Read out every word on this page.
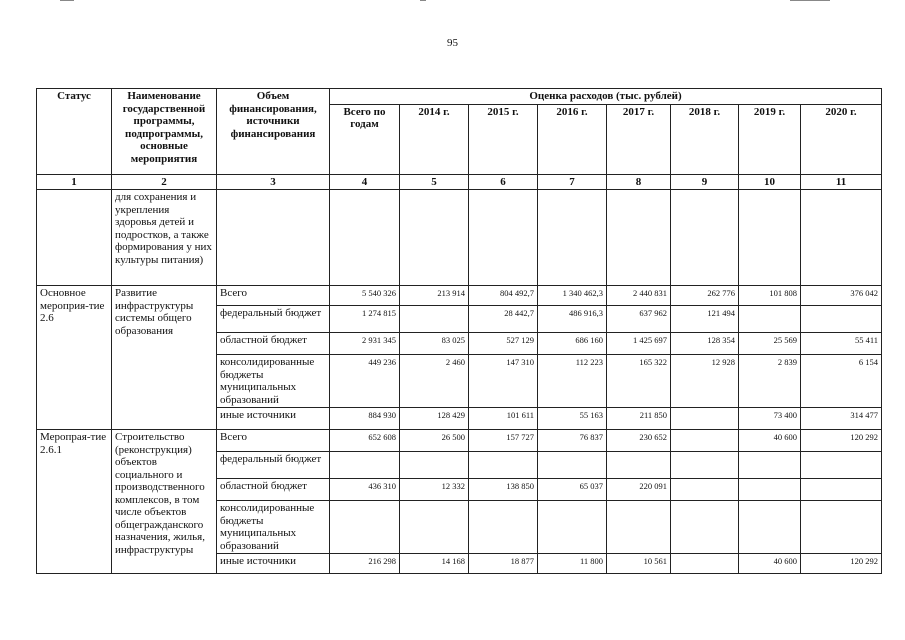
95
Статус	Наименование государственной программы, подпрограммы, основные мероприятия	Объем финансирования, источники финансирования	Оценка расходов (тыс. рублей)							
			Всего по годам	2014 г.	2015 г.	2016 г.	2017 г.	2018 г.	2019 г.	2020 г.
1	2	3	4	5	6	7	8	9	10	11
	для сохранения и укрепления здоровья детей и подростков, а также формирования у них культуры питания)									
Основное мероприя-тие 2.6	Развитие инфраструктуры системы общего образования	Всего	5 540 326	213 914	804 492,7	1 340 462,3	2 440 831	262 776	101 808	376 042
		федеральный бюджет	1 274 815		28 442,7	486 916,3	637 962	121 494		
		областной бюджет	2 931 345	83 025	527 129	686 160	1 425 697	128 354	25 569	55 411
		консолидированные бюджеты муниципальных образований	449 236	2 460	147 310	112 223	165 322	12 928	2 839	6 154
		иные источники	884 930	128 429	101 611	55 163	211 850		73 400	314 477
Меропрая-тие 2.6.1	Строительство (реконструкция) объектов социального и производственного комплексов, в том числе объектов общегражданского назначения, жилья, инфраструктуры	Всего	652 608	26 500	157 727	76 837	230 652		40 600	120 292
		федеральный бюджет								
		областной бюджет	436 310	12 332	138 850	65 037	220 091			
		консолидированные бюджеты муниципальных образований								
		иные источники	216 298	14 168	18 877	11 800	10 561		40 600	120 292
